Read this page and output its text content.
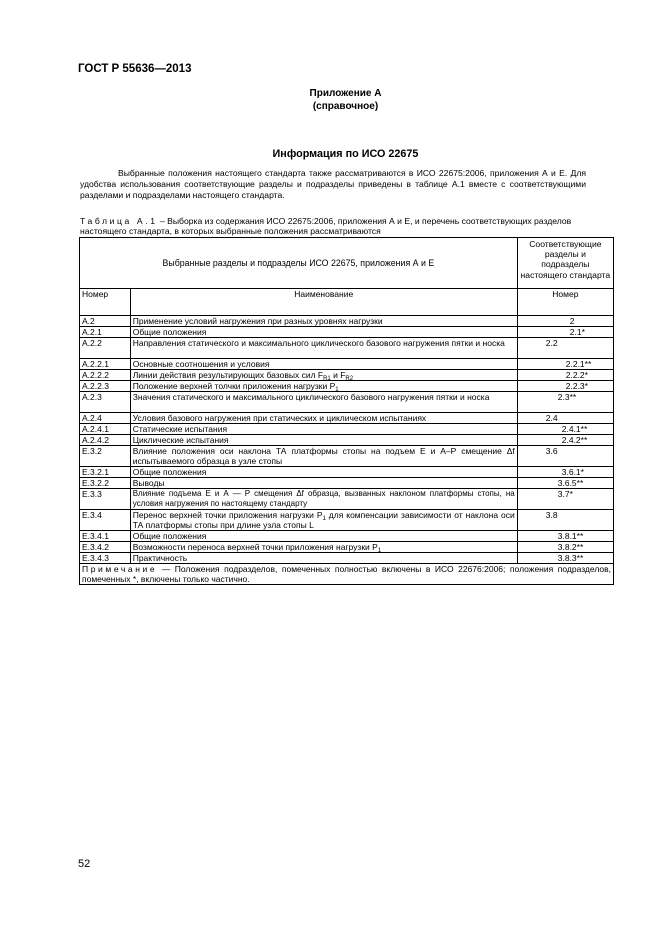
ГОСТ Р 55636—2013
Приложение А
(справочное)
Информация по ИСО 22675
Выбранные положения настоящего стандарта также рассматриваются в ИСО 22675:2006, приложения А и Е. Для удобства использования соответствующие разделы и подразделы приведены в таблице А.1 вместе с соответствующими разделами и подразделами настоящего стандарта.
Таблица А.1 – Выборка из содержания ИСО 22675:2006, приложения А и Е, и перечень соответствующих разделов настоящего стандарта, в которых выбранные положения рассматриваются
Выбранные разделы и подразделы ИСО 22675, приложения А и Е		Соответствующие разделы и подразделы настоящего стандарта
Номер	Наименование	Номер
А.2	Применение условий нагружения при разных уровнях нагрузки	2
А.2.1	Общие положения	2.1*
А.2.2	Направления статического и максимального циклического базового нагружения пятки и носка	2.2
А.2.2.1	Основные соотношения и условия	2.2.1**
А.2.2.2	Линии действия результирующих базовых сил $F_{R1}$ и $F_{R2}$	2.2.2*
А.2.2.3	Положение верхней толчки приложения нагрузки $P_1$	2.2.3*
А.2.3	Значения статического и максимального циклического базового нагружения пятки и носка	2.3**
А.2.4	Условия базового нагружения при статических и циклическом испытаниях	2.4
А.2.4.1	Статические испытания	2.4.1**
А.2.4.2	Циклические испытания	2.4.2**
Е.3.2	Влияние положения оси наклона ТА платформы стопы на подъем Е и А–Р смещение Δf испытываемого образца в узле стопы	3.6
Е.3.2.1	Общие положения	3.6.1*
Е.3.2.2	Выводы	3.6.5**
Е.3.3	Влияние подъема Е и А — Р смещения Δf образца, вызванных наклоном платформы стопы, на условия нагружения по настоящему стандарту	3.7*
Е.3.4	Перенос верхней точки приложения нагрузки $P_1$ для компенсации зависимости от наклона оси ТА платформы стопы при длине узла стопы L	3.8
Е.3.4.1	Общие положения	3.8.1**
Е.3.4.2	Возможности переноса верхней точки приложения нагрузки $P_1$	3.8.2**
Е.3.4.3	Практичность	3.8.3**
Примечание — Положения подразделов, помеченных полностью включены в ИСО 22676:2006; положения подразделов, помеченных *, включены только частично.		
52
